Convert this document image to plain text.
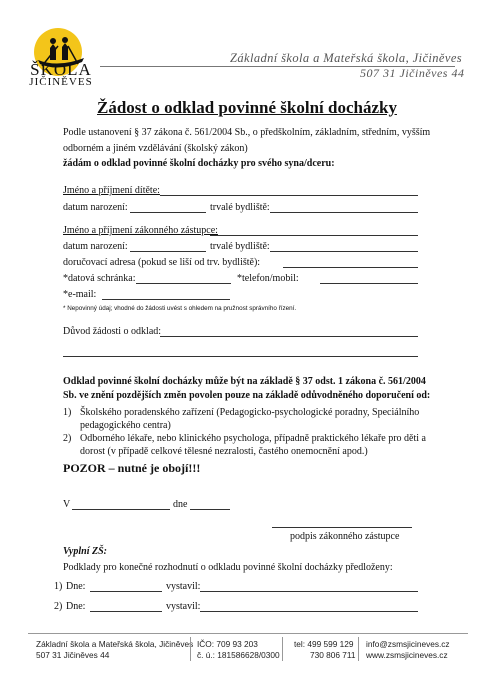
ŠKOLA
JIČINĚVES
Základní škola a Mateřská škola, Jičiněves
507 31 Jičiněves 44
Žádost o odklad povinné školní docházky
Podle ustanovení § 37 zákona č. 561/2004 Sb., o předškolním, základním, středním, vyšším
odborném a jiném vzdělávání (školský zákon)
žádám o odklad povinné školní docházky pro svého syna/dceru:
Jméno a příjmení dítěte:
datum narození:	trvalé bydliště:
Jméno a příjmení zákonného zástupce:
datum narození:	trvalé bydliště:
doručovací adresa (pokud se liší od trv. bydliště):
*datová schránka:	*telefon/mobil:
*e-mail:
* Nepovinný údaj; vhodné do žádosti uvést s ohledem na pružnost správního řízení.
Důvod žádosti o odklad:
Odklad povinné školní docházky může být na základě § 37 odst. 1 zákona č. 561/2004
Sb. ve znění pozdějších změn povolen pouze na základě odůvodněného doporučení od:
1) Školského poradenského zařízení (Pedagogicko-psychologické poradny, Speciálního
pedagogického centra)
2) Odborného lékaře, nebo klinického psychologa, případně praktického lékaře pro děti a
dorost (v případě celkové tělesné nezralosti, častého onemocnění apod.)
POZOR – nutné je obojí!!!
V	dne
podpis zákonného zástupce
Vyplní ZŠ:
Podklady pro konečné rozhodnutí o odkladu povinné školní docházky předloženy:
1) Dne:	vystavil:
2) Dne:	vystavil:
Základní škola a Mateřská škola, Jičiněves
507 31 Jičiněves 44
IČO: 709 93 203
č. ú.: 181586628/0300
tel: 499 599 129
730 806 711
info@zsmsjicineves.cz
www.zsmsjicineves.cz
